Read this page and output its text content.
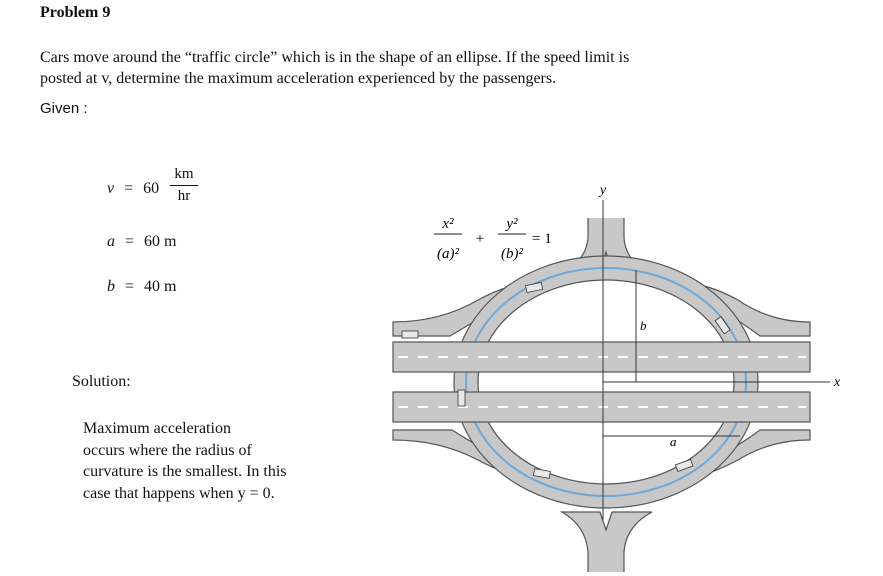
Problem 9
Cars move around the “traffic circle” which is in the shape of an ellipse. If the speed limit is
posted at v, determine the maximum acceleration experienced by the passengers.
Given :
v = 60
km
hr
a = 60 m
b = 40 m
Solution:
Maximum acceleration
occurs where the radius of
curvature is the smallest. In this
case that happens when y = 0.
x²
(a)²
+
y²
(b)²
= 1
y
x
b
a
